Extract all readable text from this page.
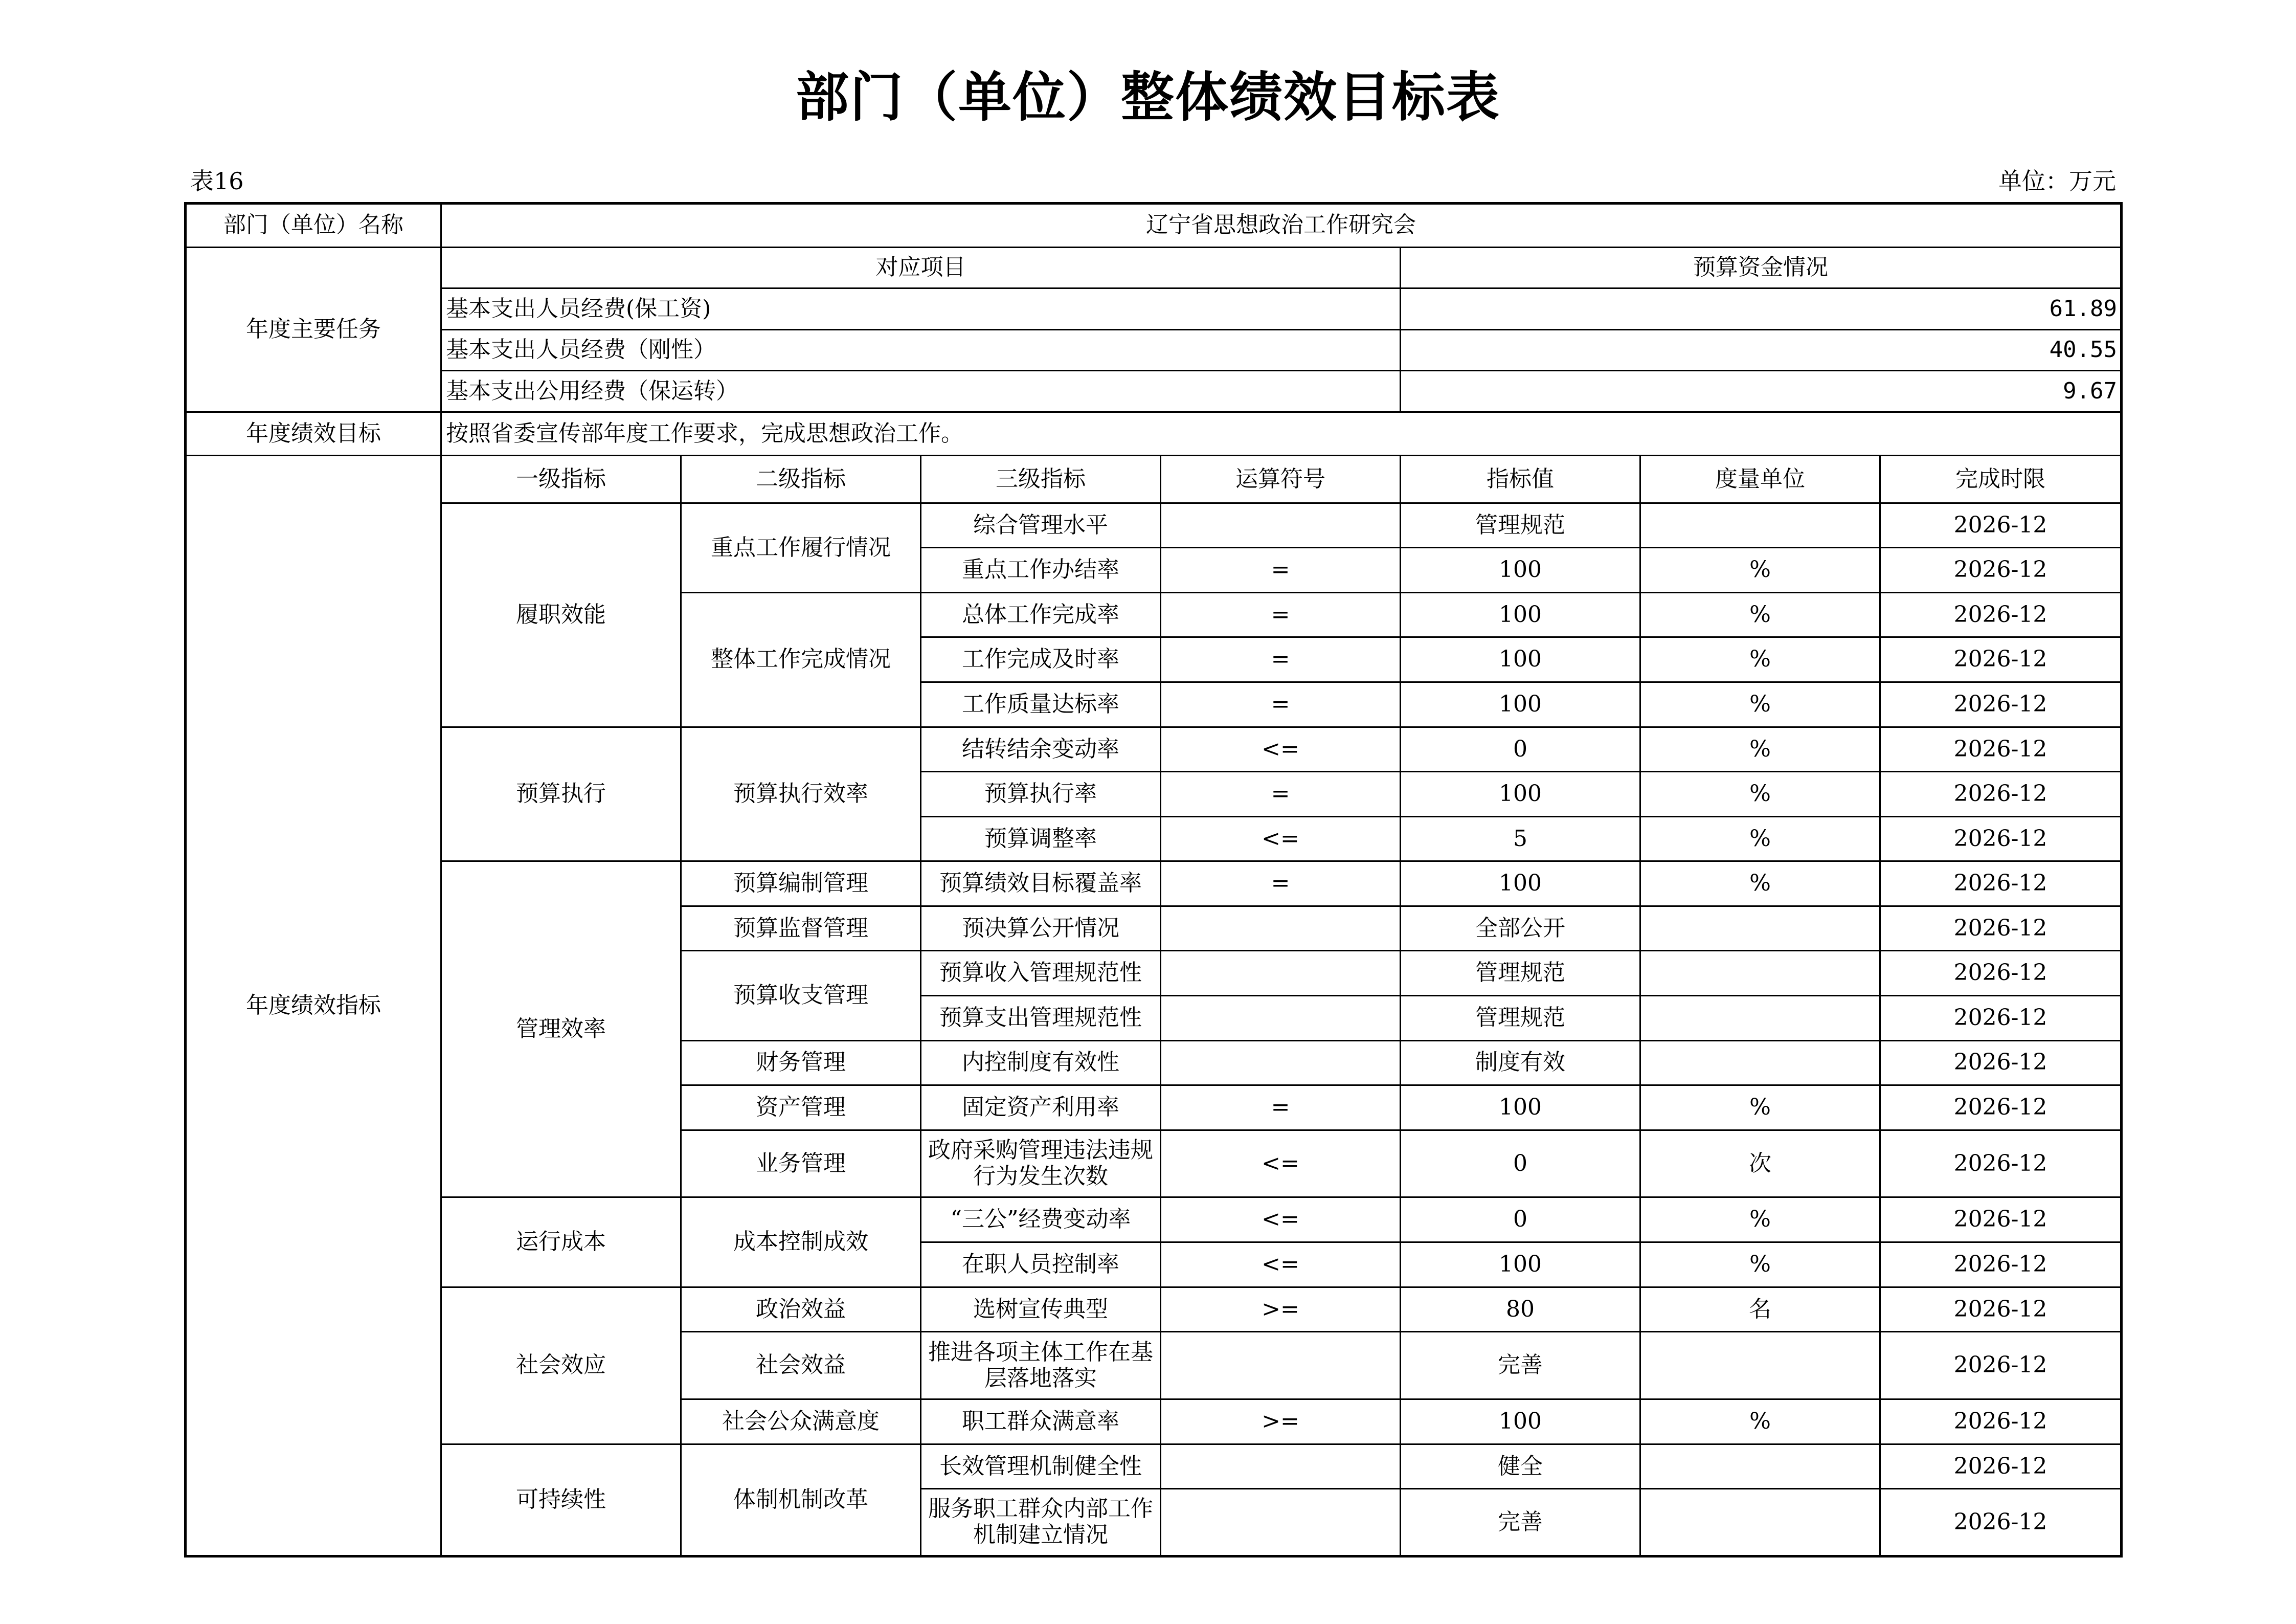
部门（单位）整体绩效目标表
表16	单位：万元
部门（单位）名称	辽宁省思想政治工作研究会						
年度主要任务	对应项目				预算资金情况		
	基本支出人员经费(保工资)				61.89		
	基本支出人员经费（刚性）				40.55		
	基本支出公用经费（保运转）				9.67		
年度绩效目标	按照省委宣传部年度工作要求，完成思想政治工作。						
年度绩效指标	一级指标	二级指标	三级指标	运算符号	指标值	度量单位	完成时限
	履职效能	重点工作履行情况	综合管理水平		管理规范		2026-12
			重点工作办结率	=	100	%	2026-12
		整体工作完成情况	总体工作完成率	=	100	%	2026-12
			工作完成及时率	=	100	%	2026-12
			工作质量达标率	=	100	%	2026-12
	预算执行	预算执行效率	结转结余变动率	<=	0	%	2026-12
			预算执行率	=	100	%	2026-12
			预算调整率	<=	5	%	2026-12
	管理效率	预算编制管理	预算绩效目标覆盖率	=	100	%	2026-12
		预算监督管理	预决算公开情况		全部公开		2026-12
		预算收支管理	预算收入管理规范性		管理规范		2026-12
			预算支出管理规范性		管理规范		2026-12
		财务管理	内控制度有效性		制度有效		2026-12
		资产管理	固定资产利用率	=	100	%	2026-12
		业务管理	政府采购管理违法违规行为发生次数	<=	0	次	2026-12
	运行成本	成本控制成效	“三公”经费变动率	<=	0	%	2026-12
			在职人员控制率	<=	100	%	2026-12
	社会效应	政治效益	选树宣传典型	>=	80	名	2026-12
		社会效益	推进各项主体工作在基层落地落实		完善		2026-12
		社会公众满意度	职工群众满意率	>=	100	%	2026-12
	可持续性	体制机制改革	长效管理机制健全性		健全		2026-12
			服务职工群众内部工作机制建立情况		完善		2026-12
